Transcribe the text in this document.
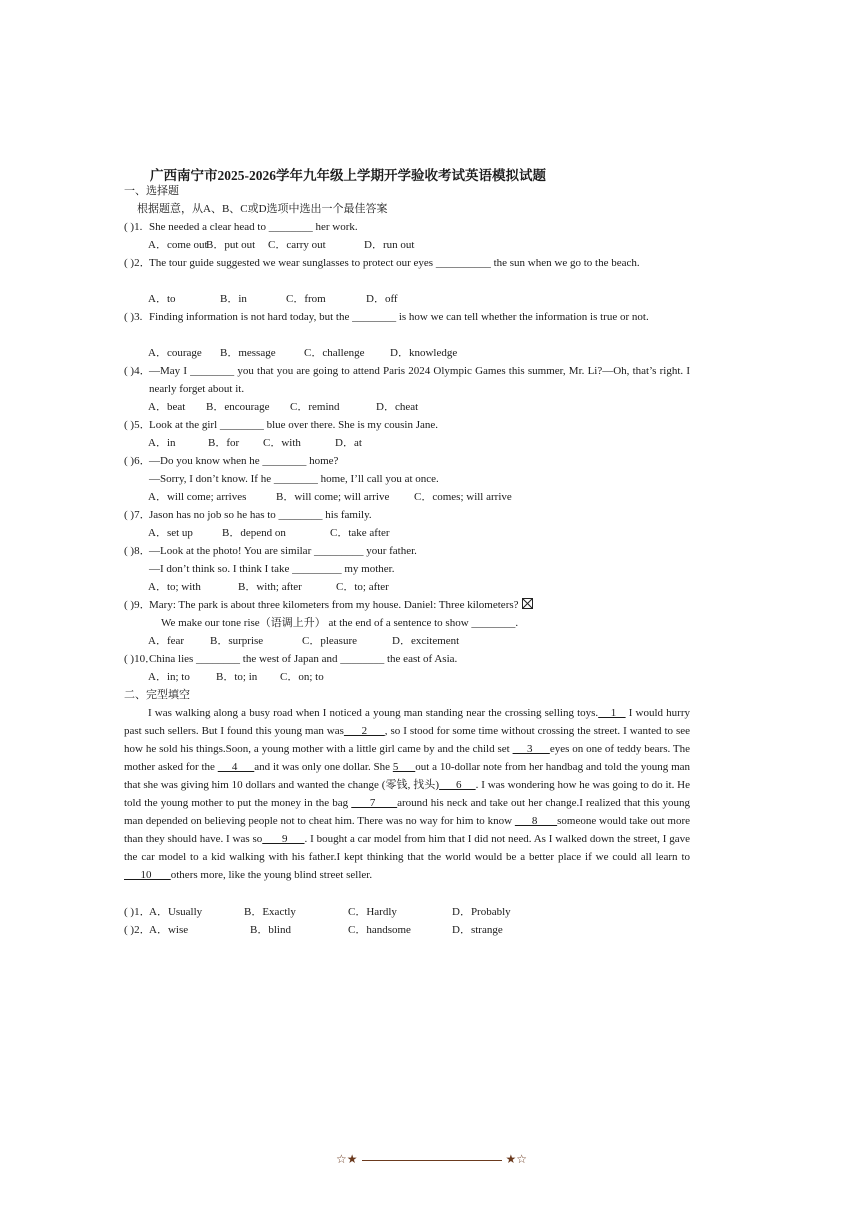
广西南宁市2025-2026学年九年级上学期开学验收考试英语模拟试题
一、选择题
根据题意，从A、B、C或D选项中选出一个最佳答案
( )1. She needed a clear head to ________ her work.
A．come outB．put out C．carry out	D．run out
( )2．
The tour guide suggested we wear sunglasses to protect our eyes __________ the sun when we go to the beach.
A．to	B．in	C．from	D．off
( )3. Finding information is not hard today, but the ________ is how we can tell whether the information is true or not.
A．courage B．message	C．challenge D．knowledge
( )4．
—May I ________ you that you are going to attend Paris 2024 Olympic Games this summer, Mr. Li?—Oh, that’s right. I nearly forget about it.
A．beat B．encourage C．remind	D．cheat
( )5．
Look at the girl ________ blue over there. She is my cousin Jane.
A．in	B．for C．with	D．at
( )6．
—Do you know when he ________ home?
—Sorry, I don’t know. If he ________ home, I’ll call you at once.
A．will come; arrives	B．will come; will arrive C．comes; will arrive
( )7．
Jason has no job so he has to ________ his family.
A．set up	B．depend on	C．take after
( )8．
—Look at the photo! You are similar _________ your father.
—I don’t think so. I think I take _________ my mother.
A．to; with	B．with; after	C．to; after
( )9．
Mary: The park is about three kilometers from my house. Daniel: Three kilometers?
We make our tone rise（语调上升） at the end of a sentence to show ________.
A．fear B．surprise	C．pleasure	D．excitement
( )10．
China lies ________ the west of Japan and ________ the east of Asia.
A．in; to B．to; in C．on; to
二、完型填空
I was walking along a busy road when I noticed a young man standing near the crossing selling toys.    1    I would hurry past such sellers. But I found this young man was      2      , so I stood for some time without crossing the street. I wanted to see how he sold his things.Soon, a young mother with a little girl came by and the child set      3      eyes on one of teddy bears. The mother asked for the      4      and it was only one dollar. She 5      out a 10-dollar note from her handbag and told the young man that she was giving him 10 dollars and wanted the change (零钱, 找头)      6     . I was wondering how he was going to do it. He told the young mother to put the money in the bag       7       around his neck and take out her change.I realized that this young man depended on believing people not to cheat him. There was no way for him to know       8       someone would take out more than they should have. I was so       9      . I bought a car model from him that I did not need. As I walked down the street, I gave the car model to a kid walking with his father.I kept thinking that the world would be a better place if we could all learn to       10       others more, like the young blind street seller.
( )1．
A．Usually	B．Exactly	C．Hardly	D．Probably
( )2．
A．wise	B．blind	C．handsome	D．strange
☆★	★☆
